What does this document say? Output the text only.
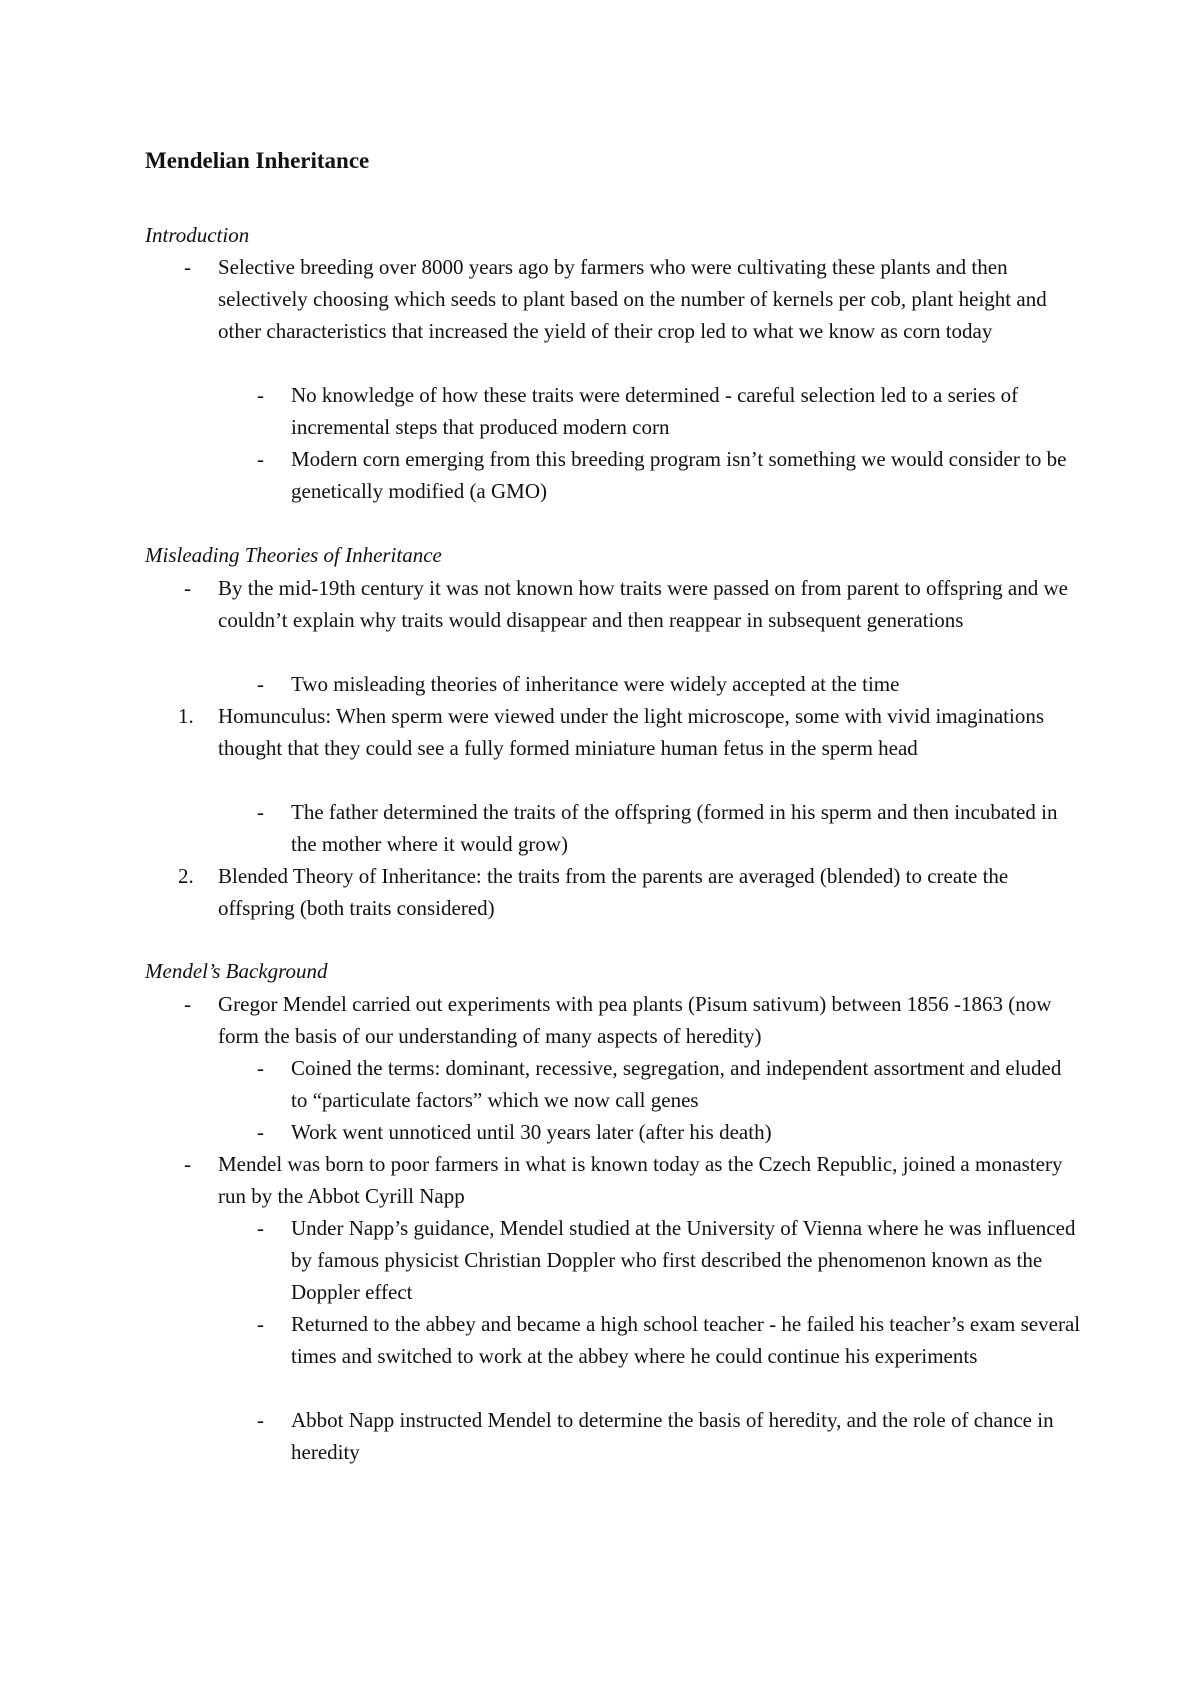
Mendelian Inheritance
Introduction
- Selective breeding over 8000 years ago by farmers who were cultivating these plants and then selectively choosing which seeds to plant based on the number of kernels per cob, plant height and other characteristics that increased the yield of their crop led to what we know as corn today
- No knowledge of how these traits were determined - careful selection led to a series of incremental steps that produced modern corn
- Modern corn emerging from this breeding program isn’t something we would consider to be genetically modified (a GMO)
Misleading Theories of Inheritance
- By the mid-19th century it was not known how traits were passed on from parent to offspring and we couldn’t explain why traits would disappear and then reappear in subsequent generations
- Two misleading theories of inheritance were widely accepted at the time
1. Homunculus: When sperm were viewed under the light microscope, some with vivid imaginations thought that they could see a fully formed miniature human fetus in the sperm head
- The father determined the traits of the offspring (formed in his sperm and then incubated in the mother where it would grow)
2. Blended Theory of Inheritance: the traits from the parents are averaged (blended) to create the offspring (both traits considered)
Mendel’s Background
- Gregor Mendel carried out experiments with pea plants (Pisum sativum) between 1856 -1863 (now form the basis of our understanding of many aspects of heredity)
- Coined the terms: dominant, recessive, segregation, and independent assortment and eluded to “particulate factors” which we now call genes
- Work went unnoticed until 30 years later (after his death)
- Mendel was born to poor farmers in what is known today as the Czech Republic, joined a monastery run by the Abbot Cyrill Napp
- Under Napp’s guidance, Mendel studied at the University of Vienna where he was influenced by famous physicist Christian Doppler who first described the phenomenon known as the Doppler effect
- Returned to the abbey and became a high school teacher - he failed his teacher’s exam several times and switched to work at the abbey where he could continue his experiments
- Abbot Napp instructed Mendel to determine the basis of heredity, and the role of chance in heredity
